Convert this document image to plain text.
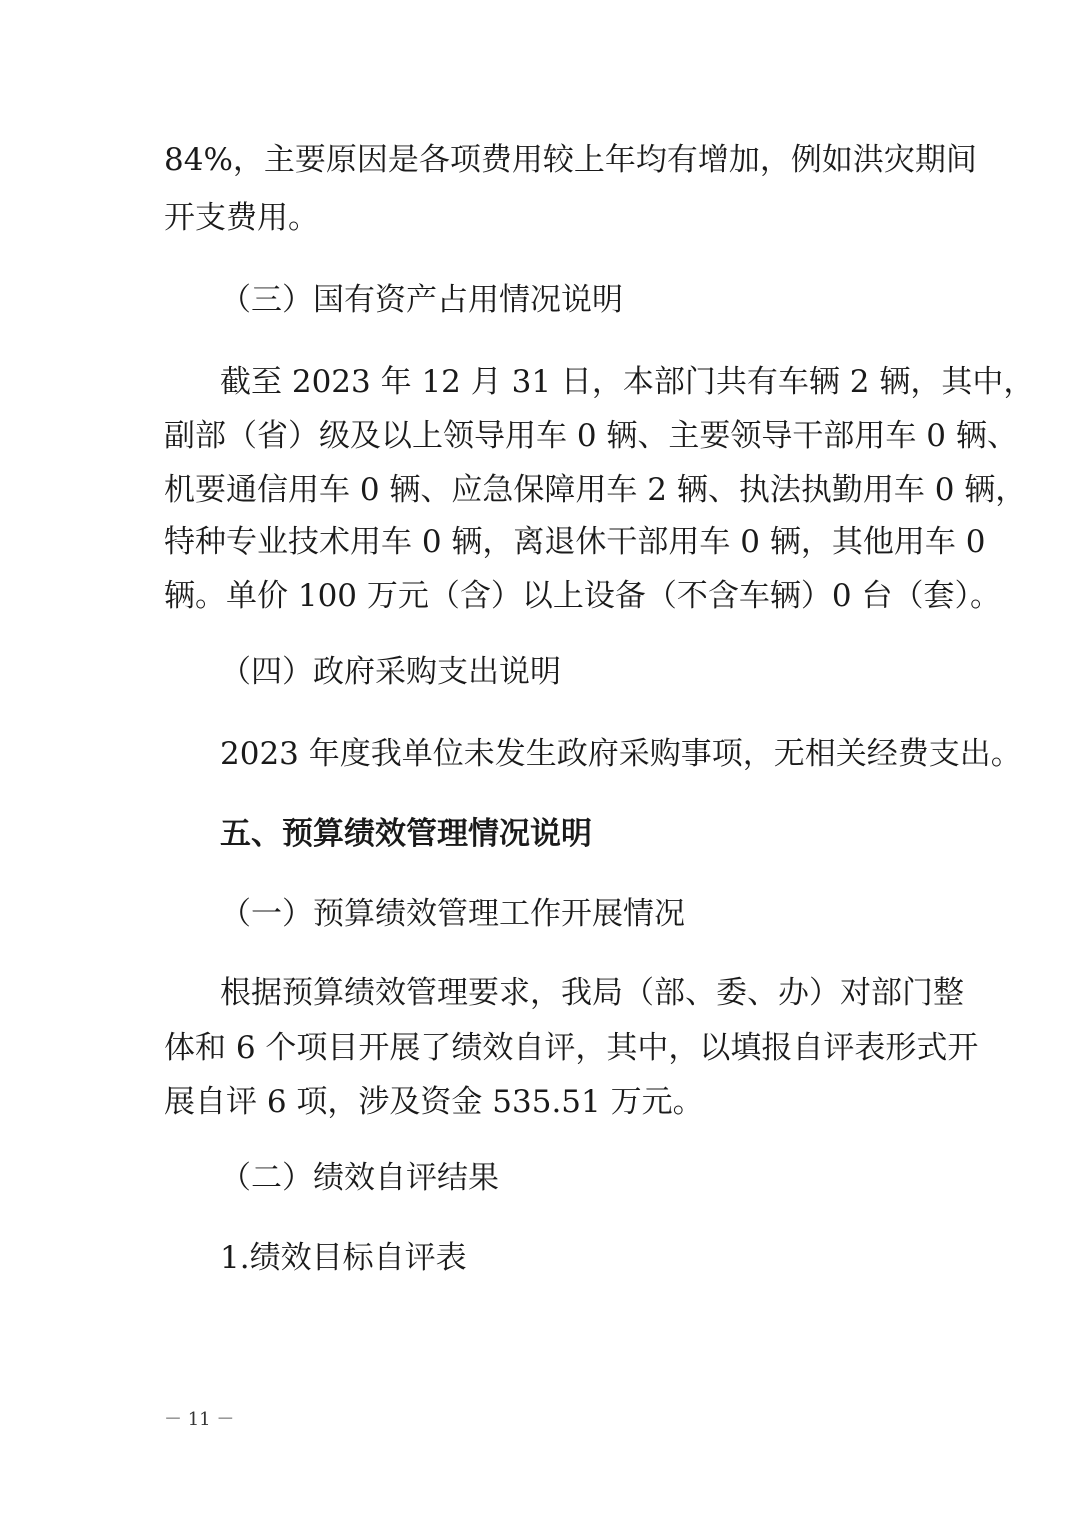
84%，主要原因是各项费用较上年均有增加，例如洪灾期间
开支费用。
（三）国有资产占用情况说明
截至 2023 年 12 月 31 日，本部门共有车辆 2 辆，其中，
副部（省）级及以上领导用车 0 辆、主要领导干部用车 0 辆、
机要通信用车 0 辆、应急保障用车 2 辆、执法执勤用车 0 辆，
特种专业技术用车 0 辆，离退休干部用车 0 辆，其他用车 0
辆。单价 100 万元（含）以上设备（不含车辆）0 台（套）。
（四）政府采购支出说明
2023 年度我单位未发生政府采购事项，无相关经费支出。
五、预算绩效管理情况说明
（一）预算绩效管理工作开展情况
根据预算绩效管理要求，我局（部、委、办）对部门整
体和 6 个项目开展了绩效自评，其中，以填报自评表形式开
展自评 6 项，涉及资金 535.51 万元。
（二）绩效自评结果
1.绩效目标自评表
－ 11 －
